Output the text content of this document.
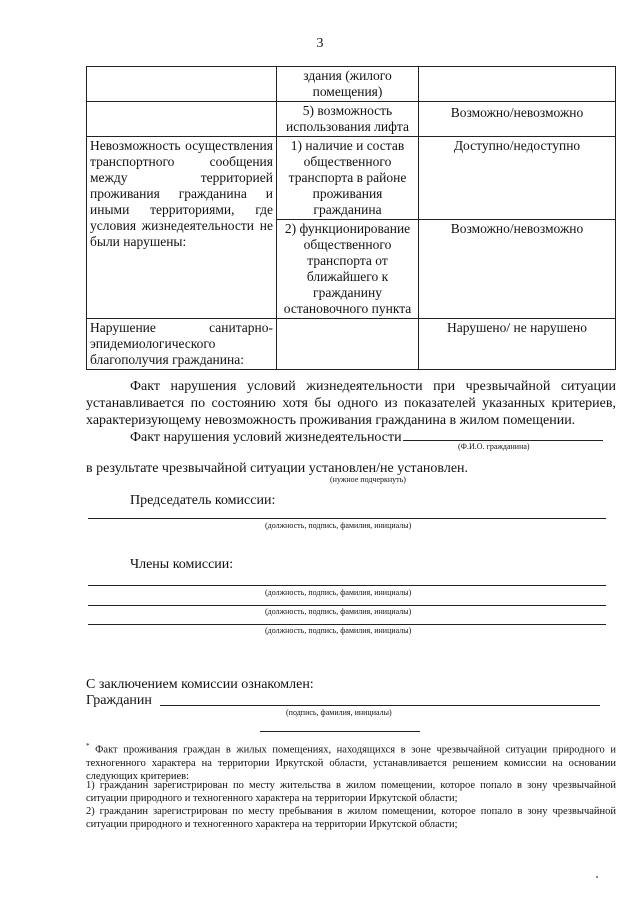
3
	здания (жилого помещения)	
	5) возможность использования лифта	Возможно/невозможно
Невозможность осуществления транспортного сообщения между территорией проживания гражданина и иными территориями, где условия жизнедеятельности не были нарушены:	1) наличие и состав общественного транспорта в районе проживания гражданина	Доступно/недоступно
	2) функционирование общественного транспорта от ближайшего к гражданину остановочного пункта	Возможно/невозможно
Нарушение санитарно-эпидемиологического благополучия гражданина:		Нарушено/ не нарушено
Факт нарушения условий жизнедеятельности при чрезвычайной ситуации устанавливается по состоянию хотя бы одного из показателей указанных критериев, характеризующему невозможность проживания гражданина в жилом помещении.
Факт нарушения условий жизнедеятельности
(Ф.И.О. гражданина)
в результате чрезвычайной ситуации установлен/не установлен.
(нужное подчеркнуть)
Председатель комиссии:
(должность, подпись, фамилия, инициалы)
Члены комиссии:
(должность, подпись, фамилия, инициалы)
(должность, подпись, фамилия, инициалы)
(должность, подпись, фамилия, инициалы)
С заключением комиссии ознакомлен:
Гражданин
(подпись, фамилия, инициалы)
* Факт проживания граждан в жилых помещениях, находящихся в зоне чрезвычайной ситуации природного и техногенного характера на территории Иркутской области, устанавливается решением комиссии на основании следующих критериев:
1) гражданин зарегистрирован по месту жительства в жилом помещении, которое попало в зону чрезвычайной ситуации природного и техногенного характера на территории Иркутской области;
2) гражданин зарегистрирован по месту пребывания в жилом помещении, которое попало в зону чрезвычайной ситуации природного и техногенного характера на территории Иркутской области;
